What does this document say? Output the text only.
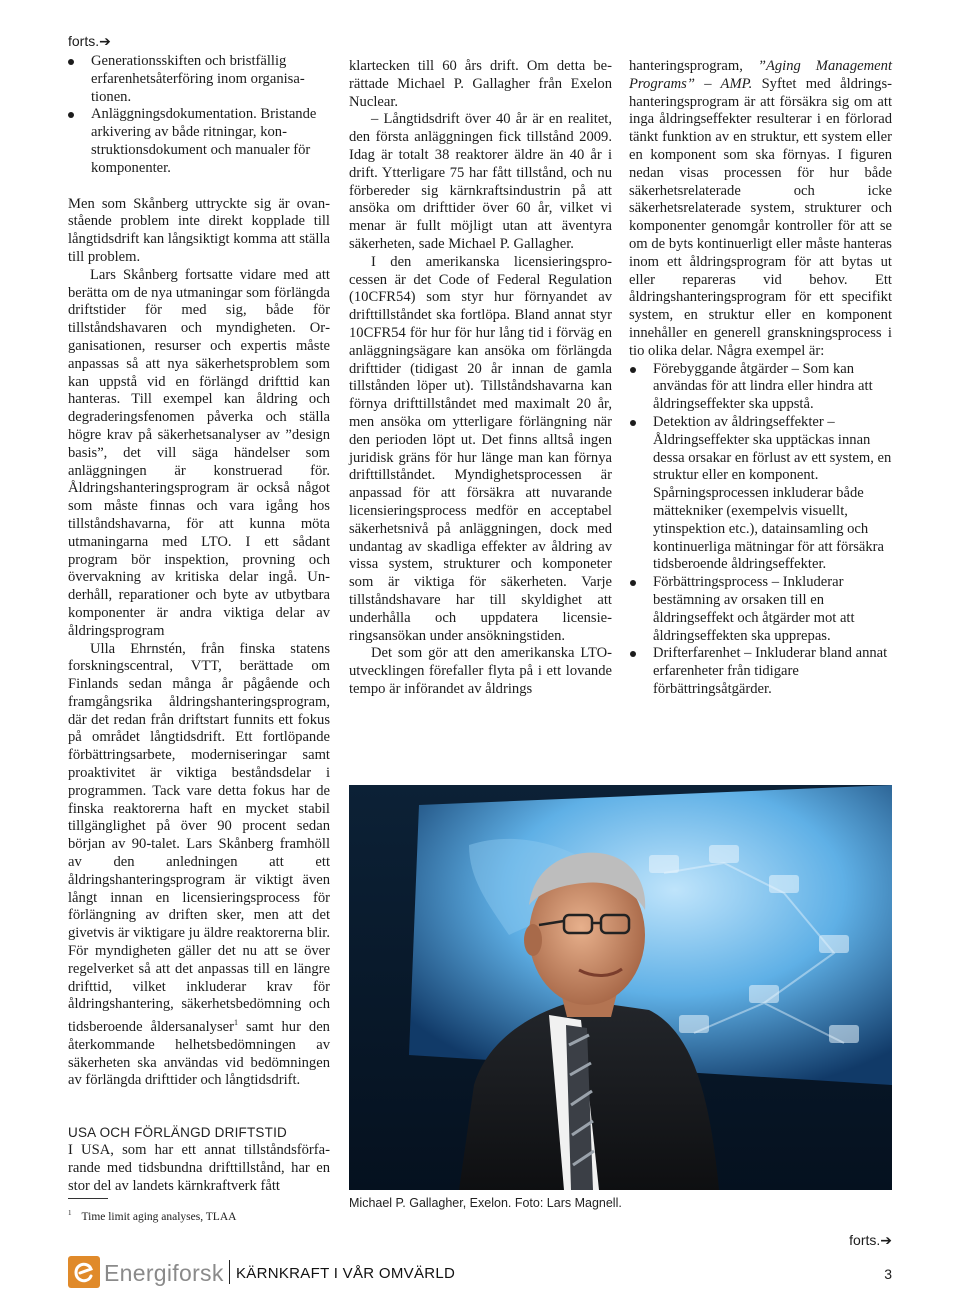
forts.➔
Generationsskiften och bristfällig erfarenhetsåterföring inom organisationen.
Anläggningsdokumentation. Bristande arkivering av både ritningar, konstruktionsdokument och manualer för komponenter.

Men som Skånberg uttryckte sig är ovanstående problem inte direkt kopplade till långtidsdrift kan långsiktigt komma att ställa till problem.

Lars Skånberg fortsatte vidare med att berätta om de nya utmaningar som förlängda driftstider för med sig, både för tillståndshavaren och myndigheten. Organisationen, resurser och expertis måste anpassas så att nya säkerhetsproblem som kan uppstå vid en förlängd drifttid kan hanteras. Till exempel kan åldring och degraderingsfenomen påverka och ställa högre krav på säkerhetsanalyser av ”design basis”, det vill säga händelser som anläggningen är konstruerad för. Åldringshanteringsprogram är också något som måste finnas och vara igång hos tillståndshavarna, för att kunna möta utmaningarna med LTO. I ett sådant program bör inspektion, provning och övervakning av kritiska delar ingå. Underhåll, reparationer och byte av utbytbara komponenter är andra viktiga delar av åldringsprogram

Ulla Ehrnstén, från finska statens forskningscentral, VTT, berättade om Finlands sedan många år pågående och framgångsrika åldringshanteringsprogram, där det redan från driftstart funnits ett fokus på området långtidsdrift. Ett fortlöpande förbättringsarbete, moderniseringar samt proaktivitet är viktiga beståndsdelar i programmen. Tack vare detta fokus har de finska reaktorerna haft en mycket stabil tillgänglighet på över 90 procent sedan början av 90-talet. Lars Skånberg framhöll av den anledningen att ett åldringshanteringsprogram är viktigt även långt innan en licensieringsprocess för förlängning av driften sker, men att det givetvis är viktigare ju äldre reaktorerna blir. För myndigheten gäller det nu att se över regelverket så att det anpassas till en längre drifttid, vilket inkluderar krav för åldringshantering, säkerhetsbedömning och tidsberoende åldersanalyser$^1$ samt hur den återkommande helhetsbedömningen av säkerheten ska användas vid bedömningen av förlängda drifttider och långtidsdrift.

USA OCH FÖRLÄNGD DRIFTSTID

I USA, som har ett annat tillståndsförfarande med tidsbundna drifttillstånd, har en stor del av landets kärnkraftverk fått

$^1$ Time limit aging analyses, TLAA

klartecken till 60 års drift. Om detta berättade Michael P. Gallagher från Exelon Nuclear.

– Långtidsdrift över 40 år är en realitet, den första anläggningen fick tillstånd 2009. Idag är totalt 38 reaktorer äldre än 40 år i drift. Ytterligare 75 har fått tillstånd, och nu förbereder sig kärnkraftsindustrin på att ansöka om drifttider över 60 år, vilket vi menar är fullt möjligt utan att äventyra säkerheten, sade Michael P. Gallagher.

I den amerikanska licensieringsprocessen är det Code of Federal Regulation (10CFR54) som styr hur förnyandet av drifttillståndet ska fortlöpa. Bland annat styr 10CFR54 för hur för hur lång tid i förväg en anläggningsägare kan ansöka om förlängda drifttider (tidigast 20 år innan de gamla tillstånden löper ut). Tillståndshavarna kan förnya drifttillståndet med maximalt 20 år, men ansöka om ytterligare förlängning när den perioden löpt ut. Det finns alltså ingen juridisk gräns för hur länge man kan förnya drifttillståndet. Myndighetsprocessen är anpassad för att försäkra att nuvarande licensieringsprocess medför en acceptabel säkerhetsnivå på anläggningen, dock med undantag av skadliga effekter av åldring av vissa system, strukturer och komponeter som är viktiga för säkerheten. Varje tillståndshavare har till skyldighet att underhålla och uppdatera licensieringsansökan under ansökningstiden.

Det som gör att den amerikanska LTO-utvecklingen förefaller flyta på i ett lovande tempo är införandet av åldrings

hanteringsprogram, ”Aging Management Programs” – AMP. Syftet med åldringshanteringsprogram är att försäkra sig om att inga åldringseffekter resulterar i en förlorad tänkt funktion av en struktur, ett system eller en komponent som ska förnyas. I figuren nedan visas processen för hur både säkerhetsrelaterade och icke säkerhetsrelaterade system, strukturer och komponenter genomgår kontroller för att se om de byts kontinuerligt eller måste hanteras inom ett åldringsprogram för att bytas ut eller repareras vid behov. Ett åldringshanteringsprogram för ett specifikt system, en struktur eller en komponent innehåller en generell granskningsprocess i tio olika delar. Några exempel är:

Förebyggande åtgärder – Som kan användas för att lindra eller hindra att åldringseffekter ska uppstå.
Detektion av åldringseffekter – Åldringseffekter ska upptäckas innan dessa orsakar en förlust av ett system, en struktur eller en komponent. Spårningsprocessen inkluderar både mättekniker (exempelvis visuellt, ytinspektion etc.), datainsamling och kontinuerliga mätningar för att försäkra tidsberoende åldringseffekter.
Förbättringsprocess – Inkluderar bestämning av orsaken till en åldringseffekt och åtgärder mot att åldringseffekten ska upprepas.
Drifterfarenhet – Inkluderar bland annat erfarenheter från tidigare förbättringsåtgärder.
Michael P. Gallagher, Exelon. Foto: Lars Magnell.
forts.➔
Energiforsk KÄRNKRAFT I VÅR OMVÄRLD	3
